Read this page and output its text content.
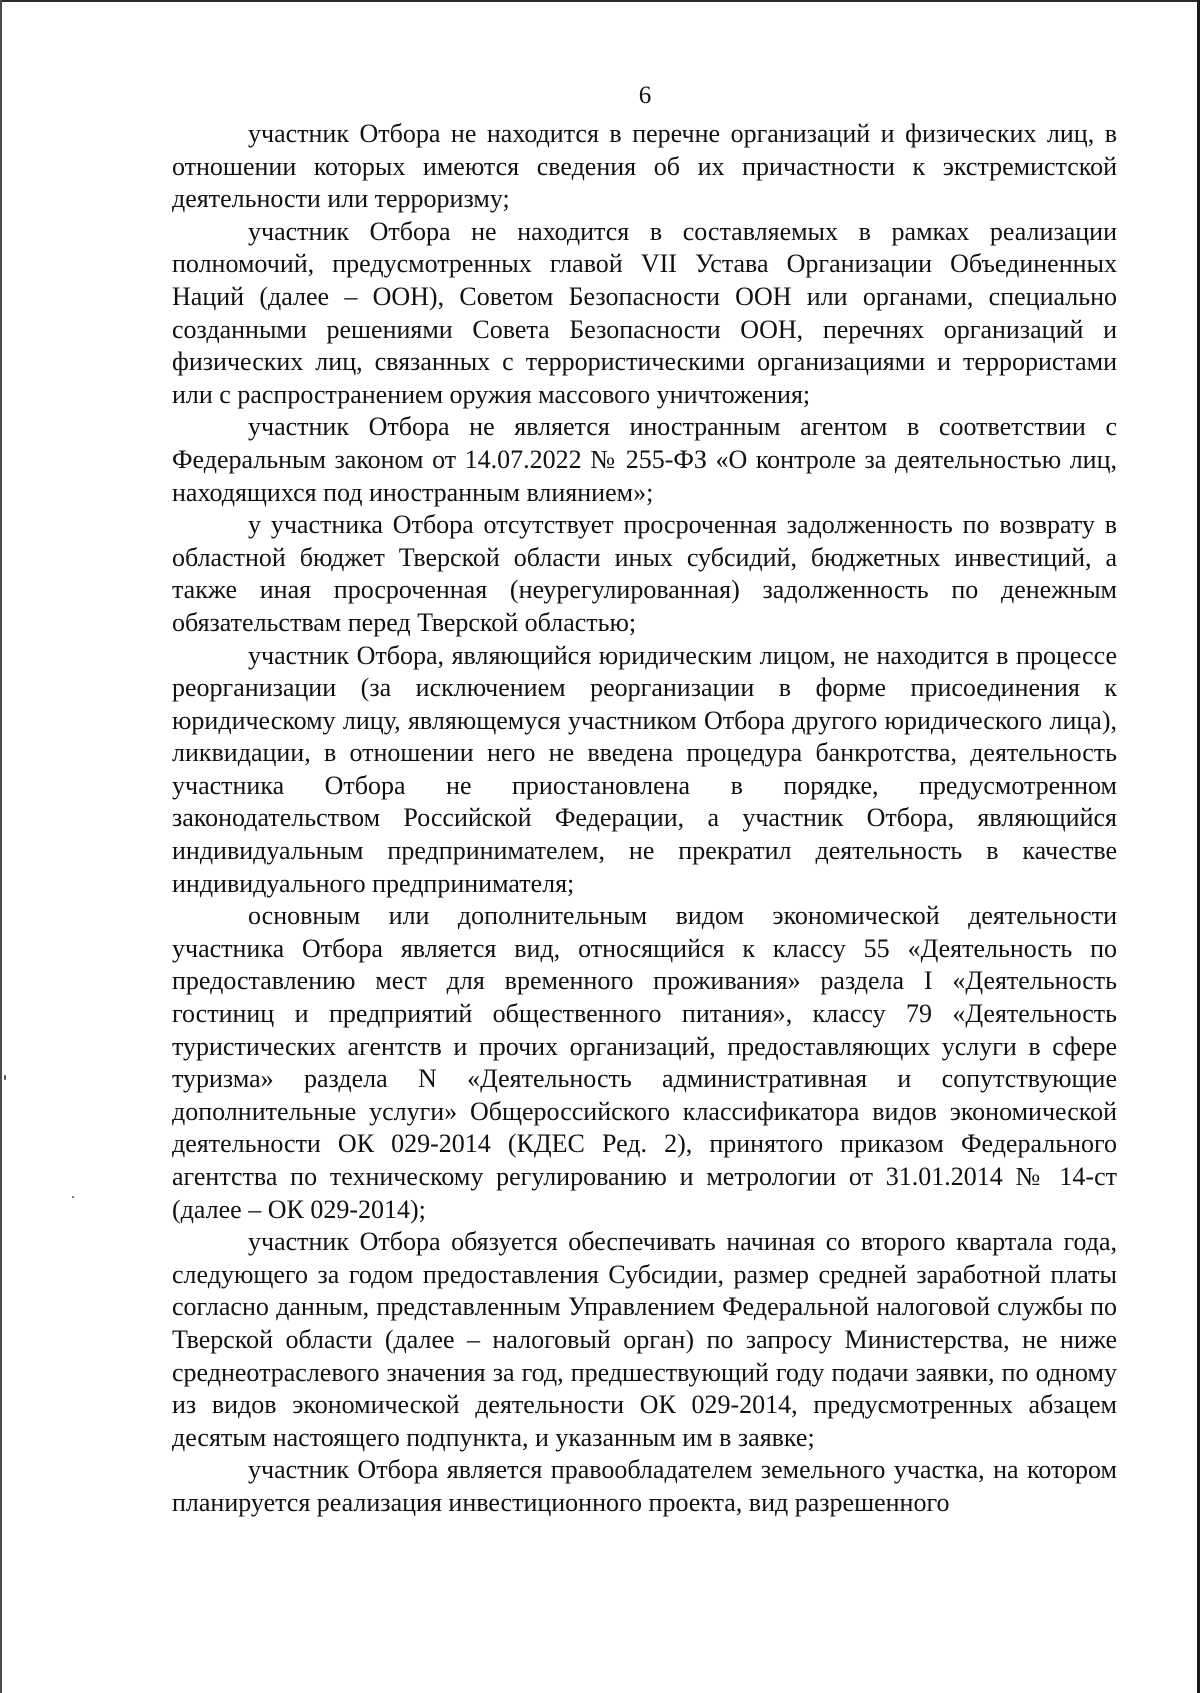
6

участник Отбора не находится в перечне организаций и физических лиц, в отношении которых имеются сведения об их причастности к экстремистской деятельности или терроризму;

участник Отбора не находится в составляемых в рамках реализации полномочий, предусмотренных главой VII Устава Организации Объединенных Наций (далее – ООН), Советом Безопасности ООН или органами, специально созданными решениями Совета Безопасности ООН, перечнях организаций и физических лиц, связанных с террористическими организациями и террористами или с распространением оружия массового уничтожения;

участник Отбора не является иностранным агентом в соответствии с Федеральным законом от 14.07.2022 № 255-ФЗ «О контроле за деятельностью лиц, находящихся под иностранным влиянием»;

у участника Отбора отсутствует просроченная задолженность по возврату в областной бюджет Тверской области иных субсидий, бюджетных инвестиций, а также иная просроченная (неурегулированная) задолженность по денежным обязательствам перед Тверской областью;

участник Отбора, являющийся юридическим лицом, не находится в процессе реорганизации (за исключением реорганизации в форме присоединения к юридическому лицу, являющемуся участником Отбора другого юридического лица), ликвидации, в отношении него не введена процедура банкротства, деятельность участника Отбора не приостановлена в порядке, предусмотренном законодательством Российской Федерации, а участник Отбора, являющийся индивидуальным предпринимателем, не прекратил деятельность в качестве индивидуального предпринимателя;

основным или дополнительным видом экономической деятельности участника Отбора является вид, относящийся к классу 55 «Деятельность по предоставлению мест для временного проживания» раздела I «Деятельность гостиниц и предприятий общественного питания», классу 79 «Деятельность туристических агентств и прочих организаций, предоставляющих услуги в сфере туризма» раздела N «Деятельность административная и сопутствующие дополнительные услуги» Общероссийского классификатора видов экономической деятельности ОК 029-2014 (КДЕС Ред. 2), принятого приказом Федерального агентства по техническому регулированию и метрологии от 31.01.2014 № 14-ст (далее – ОК 029-2014);

участник Отбора обязуется обеспечивать начиная со второго квартала года, следующего за годом предоставления Субсидии, размер средней заработной платы согласно данным, представленным Управлением Федеральной налоговой службы по Тверской области (далее – налоговый орган) по запросу Министерства, не ниже среднеотраслевого значения за год, предшествующий году подачи заявки, по одному из видов экономической деятельности ОК 029-2014, предусмотренных абзацем десятым настоящего подпункта, и указанным им в заявке;

участник Отбора является правообладателем земельного участка, на котором планируется реализация инвестиционного проекта, вид разрешенного
